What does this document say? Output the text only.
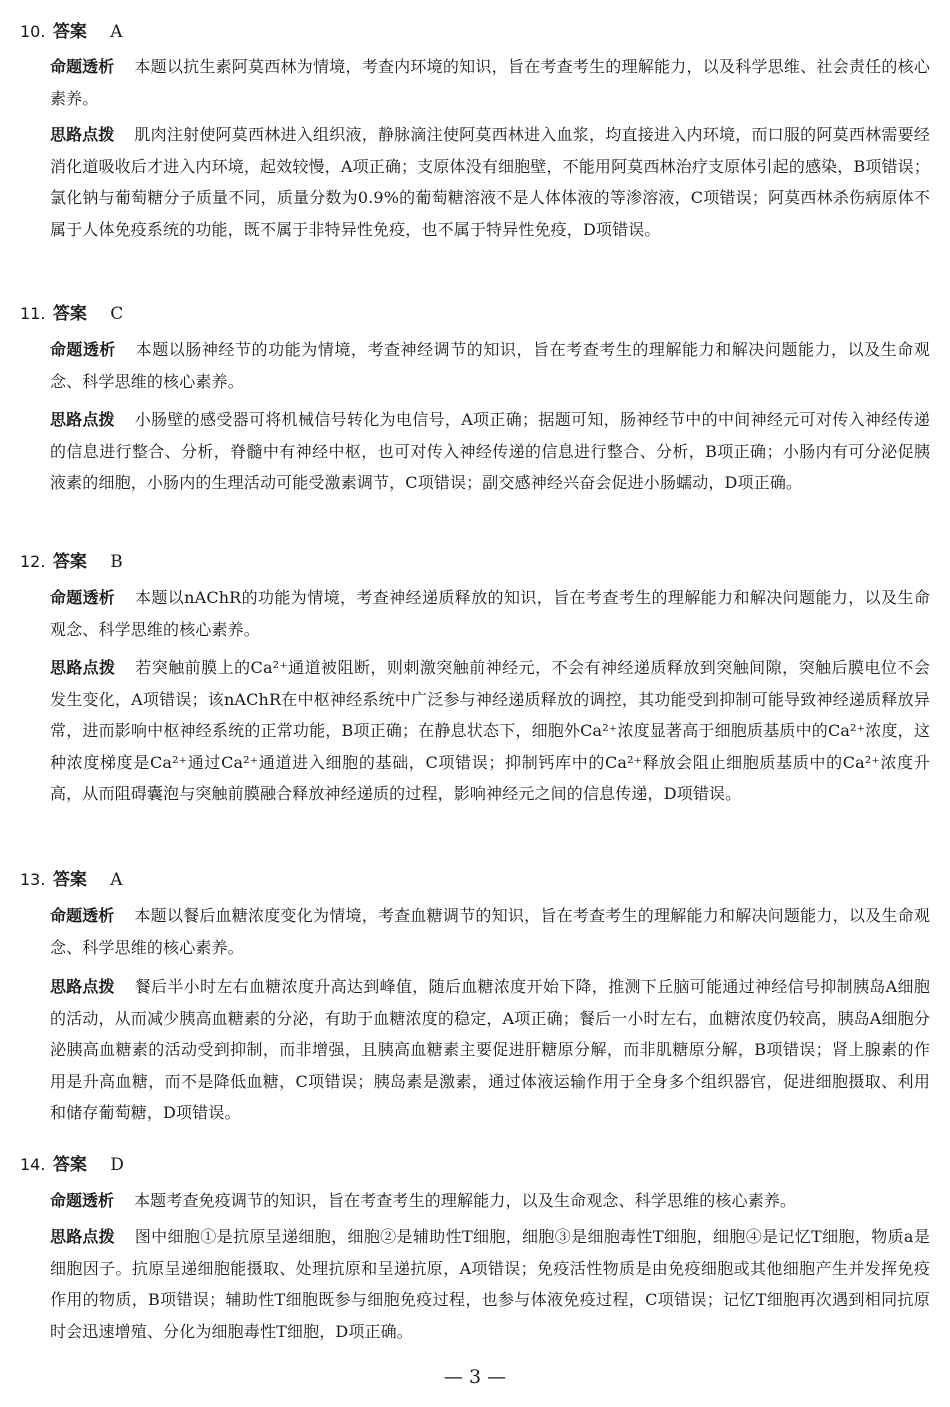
10. 答案 A
命题透析 本题以抗生素阿莫西林为情境，考查内环境的知识，旨在考查考生的理解能力，以及科学思维、社会责任的核心素养。
思路点拨 肌肉注射使阿莫西林进入组织液，静脉滴注使阿莫西林进入血浆，均直接进入内环境，而口服的阿莫西林需要经消化道吸收后才进入内环境，起效较慢，A项正确；支原体没有细胞壁，不能用阿莫西林治疗支原体引起的感染，B项错误；氯化钠与葡萄糖分子质量不同，质量分数为0.9%的葡萄糖溶液不是人体体液的等渗溶液，C项错误；阿莫西林杀伤病原体不属于人体免疫系统的功能，既不属于非特异性免疫，也不属于特异性免疫，D项错误。
11. 答案 C
命题透析 本题以肠神经节的功能为情境，考查神经调节的知识，旨在考查考生的理解能力和解决问题能力，以及生命观念、科学思维的核心素养。
思路点拨 小肠壁的感受器可将机械信号转化为电信号，A项正确；据题可知，肠神经节中的中间神经元可对传入神经传递的信息进行整合、分析，脊髓中有神经中枢，也可对传入神经传递的信息进行整合、分析，B项正确；小肠内有可分泌促胰液素的细胞，小肠内的生理活动可能受激素调节，C项错误；副交感神经兴奋会促进小肠蠕动，D项正确。
12. 答案 B
命题透析 本题以nAChR的功能为情境，考查神经递质释放的知识，旨在考查考生的理解能力和解决问题能力，以及生命观念、科学思维的核心素养。
思路点拨 若突触前膜上的Ca²⁺通道被阻断，则刺激突触前神经元，不会有神经递质释放到突触间隙，突触后膜电位不会发生变化，A项错误；该nAChR在中枢神经系统中广泛参与神经递质释放的调控，其功能受到抑制可能导致神经递质释放异常，进而影响中枢神经系统的正常功能，B项正确；在静息状态下，细胞外Ca²⁺浓度显著高于细胞质基质中的Ca²⁺浓度，这种浓度梯度是Ca²⁺通过Ca²⁺通道进入细胞的基础，C项错误；抑制钙库中的Ca²⁺释放会阻止细胞质基质中的Ca²⁺浓度升高，从而阻碍囊泡与突触前膜融合释放神经递质的过程，影响神经元之间的信息传递，D项错误。
13. 答案 A
命题透析 本题以餐后血糖浓度变化为情境，考查血糖调节的知识，旨在考查考生的理解能力和解决问题能力，以及生命观念、科学思维的核心素养。
思路点拨 餐后半小时左右血糖浓度升高达到峰值，随后血糖浓度开始下降，推测下丘脑可能通过神经信号抑制胰岛A细胞的活动，从而减少胰高血糖素的分泌，有助于血糖浓度的稳定，A项正确；餐后一小时左右，血糖浓度仍较高，胰岛A细胞分泌胰高血糖素的活动受到抑制，而非增强，且胰高血糖素主要促进肝糖原分解，而非肌糖原分解，B项错误；肾上腺素的作用是升高血糖，而不是降低血糖，C项错误；胰岛素是激素，通过体液运输作用于全身多个组织器官，促进细胞摄取、利用和储存葡萄糖，D项错误。
14. 答案 D
命题透析 本题考查免疫调节的知识，旨在考查考生的理解能力，以及生命观念、科学思维的核心素养。
思路点拨 图中细胞①是抗原呈递细胞，细胞②是辅助性T细胞，细胞③是细胞毒性T细胞，细胞④是记忆T细胞，物质a是细胞因子。抗原呈递细胞能摄取、处理抗原和呈递抗原，A项错误；免疫活性物质是由免疫细胞或其他细胞产生并发挥免疫作用的物质，B项错误；辅助性T细胞既参与细胞免疫过程，也参与体液免疫过程，C项错误；记忆T细胞再次遇到相同抗原时会迅速增殖、分化为细胞毒性T细胞，D项正确。
— 3 —
